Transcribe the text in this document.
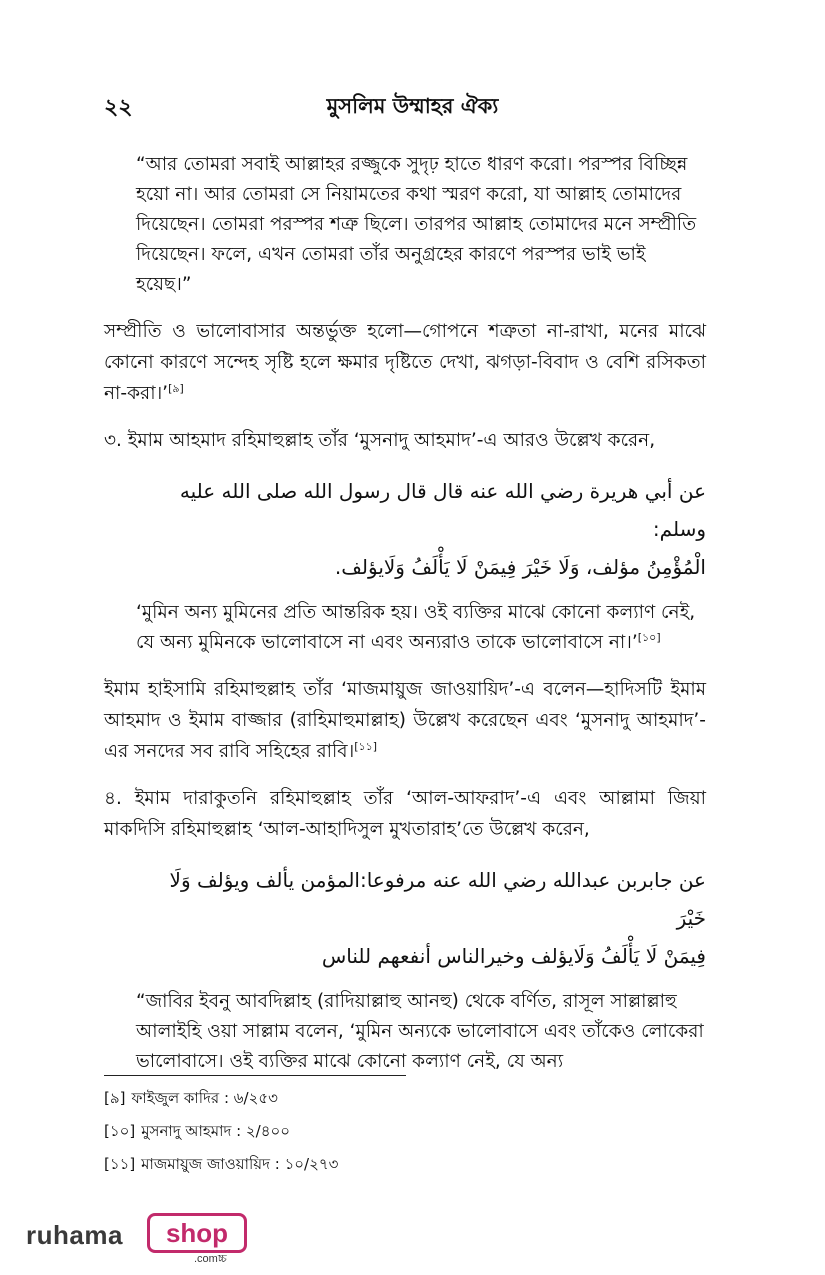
২২	মুসলিম উম্মাহর ঐক্য
“আর তোমরা সবাই আল্লাহর রজ্জুকে সুদৃঢ় হাতে ধারণ করো। পরস্পর বিচ্ছিন্ন হয়ো না। আর তোমরা সে নিয়ামতের কথা স্মরণ করো, যা আল্লাহ তোমাদের দিয়েছেন। তোমরা পরস্পর শত্রু ছিলে। তারপর আল্লাহ তোমাদের মনে সম্প্রীতি দিয়েছেন। ফলে, এখন তোমরা তাঁর অনুগ্রহের কারণে পরস্পর ভাই ভাই হয়েছ।”
সম্প্রীতি ও ভালোবাসার অন্তর্ভুক্ত হলো—গোপনে শত্রুতা না-রাখা, মনের মাঝে কোনো কারণে সন্দেহ সৃষ্টি হলে ক্ষমার দৃষ্টিতে দেখা, ঝগড়া-বিবাদ ও বেশি রসিকতা না-করা।’[৯]
৩. ইমাম আহমাদ রহিমাহুল্লাহ তাঁর ‘মুসনাদু আহমাদ’-এ আরও উল্লেখ করেন,
عن أبي هريرة رضي الله عنه قال قال رسول الله صلى الله عليه وسلم:
الْمُؤْمِنُ مؤلف، وَلَا خَيْرَ فِيمَنْ لَا يَأْلَفُ وَلَايؤلف.
‘মুমিন অন্য মুমিনের প্রতি আন্তরিক হয়। ওই ব্যক্তির মাঝে কোনো কল্যাণ নেই, যে অন্য মুমিনকে ভালোবাসে না এবং অন্যরাও তাকে ভালোবাসে না।’[১০]
ইমাম হাইসামি রহিমাহুল্লাহ তাঁর ‘মাজমায়ুজ জাওয়ায়িদ’-এ বলেন—হাদিসটি ইমাম আহমাদ ও ইমাম বাজ্জার (রাহিমাহুমাল্লাহ) উল্লেখ করেছেন এবং ‘মুসনাদু আহমাদ’-এর সনদের সব রাবি সহিহের রাবি।[১১]
৪. ইমাম দারাকুতনি রহিমাহুল্লাহ তাঁর ‘আল-আফরাদ’-এ এবং আল্লামা জিয়া মাকদিসি রহিমাহুল্লাহ ‘আল-আহাদিসুল মুখতারাহ’তে উল্লেখ করেন,
عن جابربن عبدالله رضي الله عنه مرفوعا:المؤمن يألف ويؤلف وَلَا خَيْرَ
فِيمَنْ لَا يَأْلَفُ وَلَايؤلف وخيرالناس أنفعهم للناس
“জাবির ইবনু আবদিল্লাহ (রাদিয়াল্লাহু আনহু) থেকে বর্ণিত, রাসূল সাল্লাল্লাহু আলাইহি ওয়া সাল্লাম বলেন, ‘মুমিন অন্যকে ভালোবাসে এবং তাঁকেও লোকেরা ভালোবাসে। ওই ব্যক্তির মাঝে কোনো কল্যাণ নেই, যে অন্য
[৯] ফাইজুল কাদির : ৬/২৫৩
[১০] মুসনাদু আহমাদ : ২/৪০০
[১১] মাজমায়ুজ জাওয়ায়িদ : ১০/২৭৩
ruhama	shop
.comচ্চ
